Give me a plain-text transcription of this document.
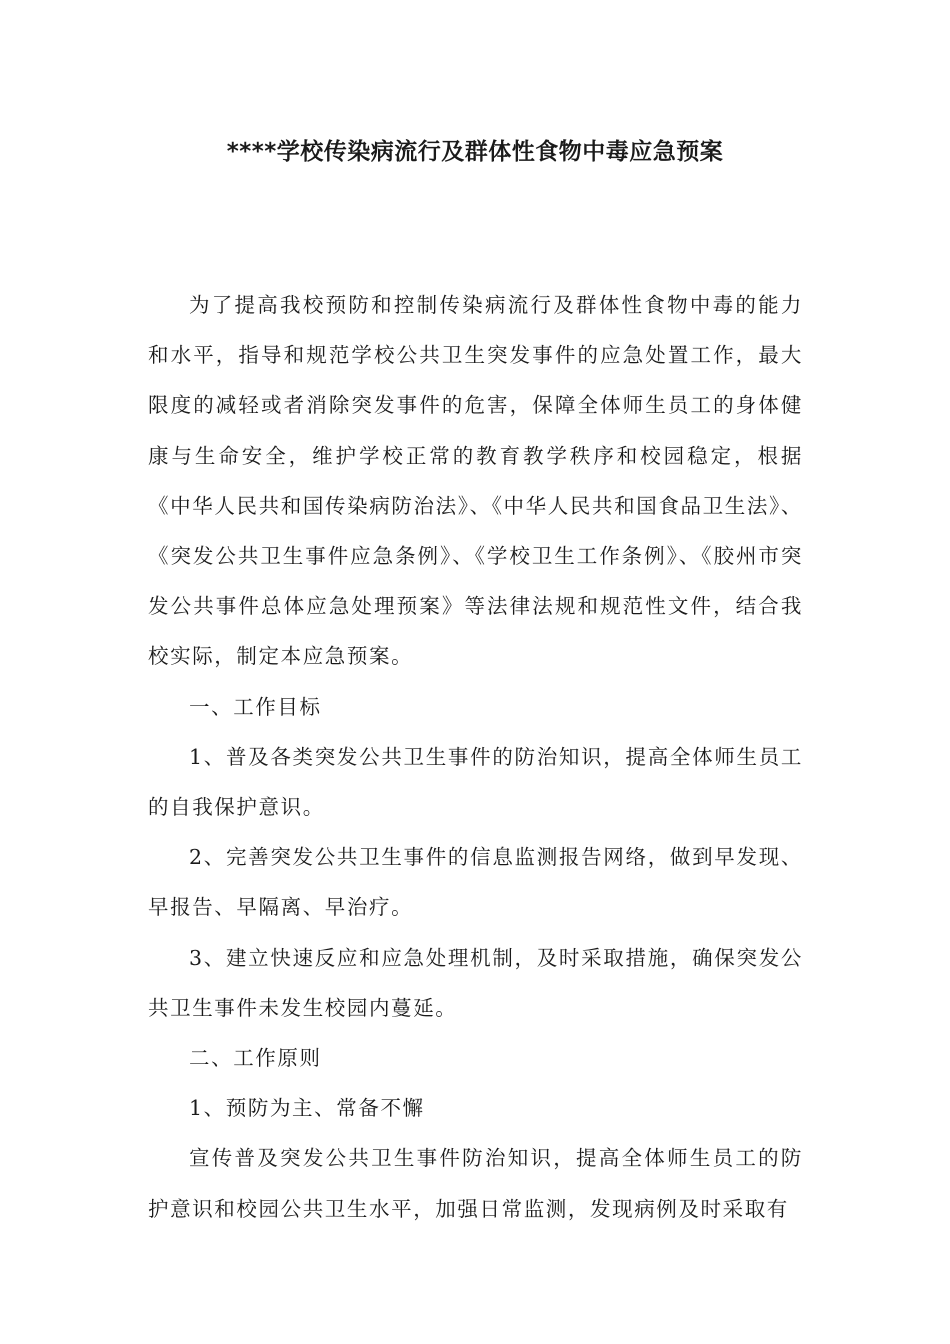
****学校传染病流行及群体性食物中毒应急预案

为了提高我校预防和控制传染病流行及群体性食物中毒的能力和水平，指导和规范学校公共卫生突发事件的应急处置工作，最大限度的减轻或者消除突发事件的危害，保障全体师生员工的身体健康与生命安全，维护学校正常的教育教学秩序和校园稳定，根据《中华人民共和国传染病防治法》、《中华人民共和国食品卫生法》、《突发公共卫生事件应急条例》、《学校卫生工作条例》、《胶州市突发公共事件总体应急处理预案》等法律法规和规范性文件，结合我校实际，制定本应急预案。

一、工作目标

1、普及各类突发公共卫生事件的防治知识，提高全体师生员工的自我保护意识。

2、完善突发公共卫生事件的信息监测报告网络，做到早发现、早报告、早隔离、早治疗。

3、建立快速反应和应急处理机制，及时采取措施，确保突发公共卫生事件未发生校园内蔓延。

二、工作原则

1、预防为主、常备不懈

宣传普及突发公共卫生事件防治知识，提高全体师生员工的防护意识和校园公共卫生水平，加强日常监测，发现病例及时采取有
